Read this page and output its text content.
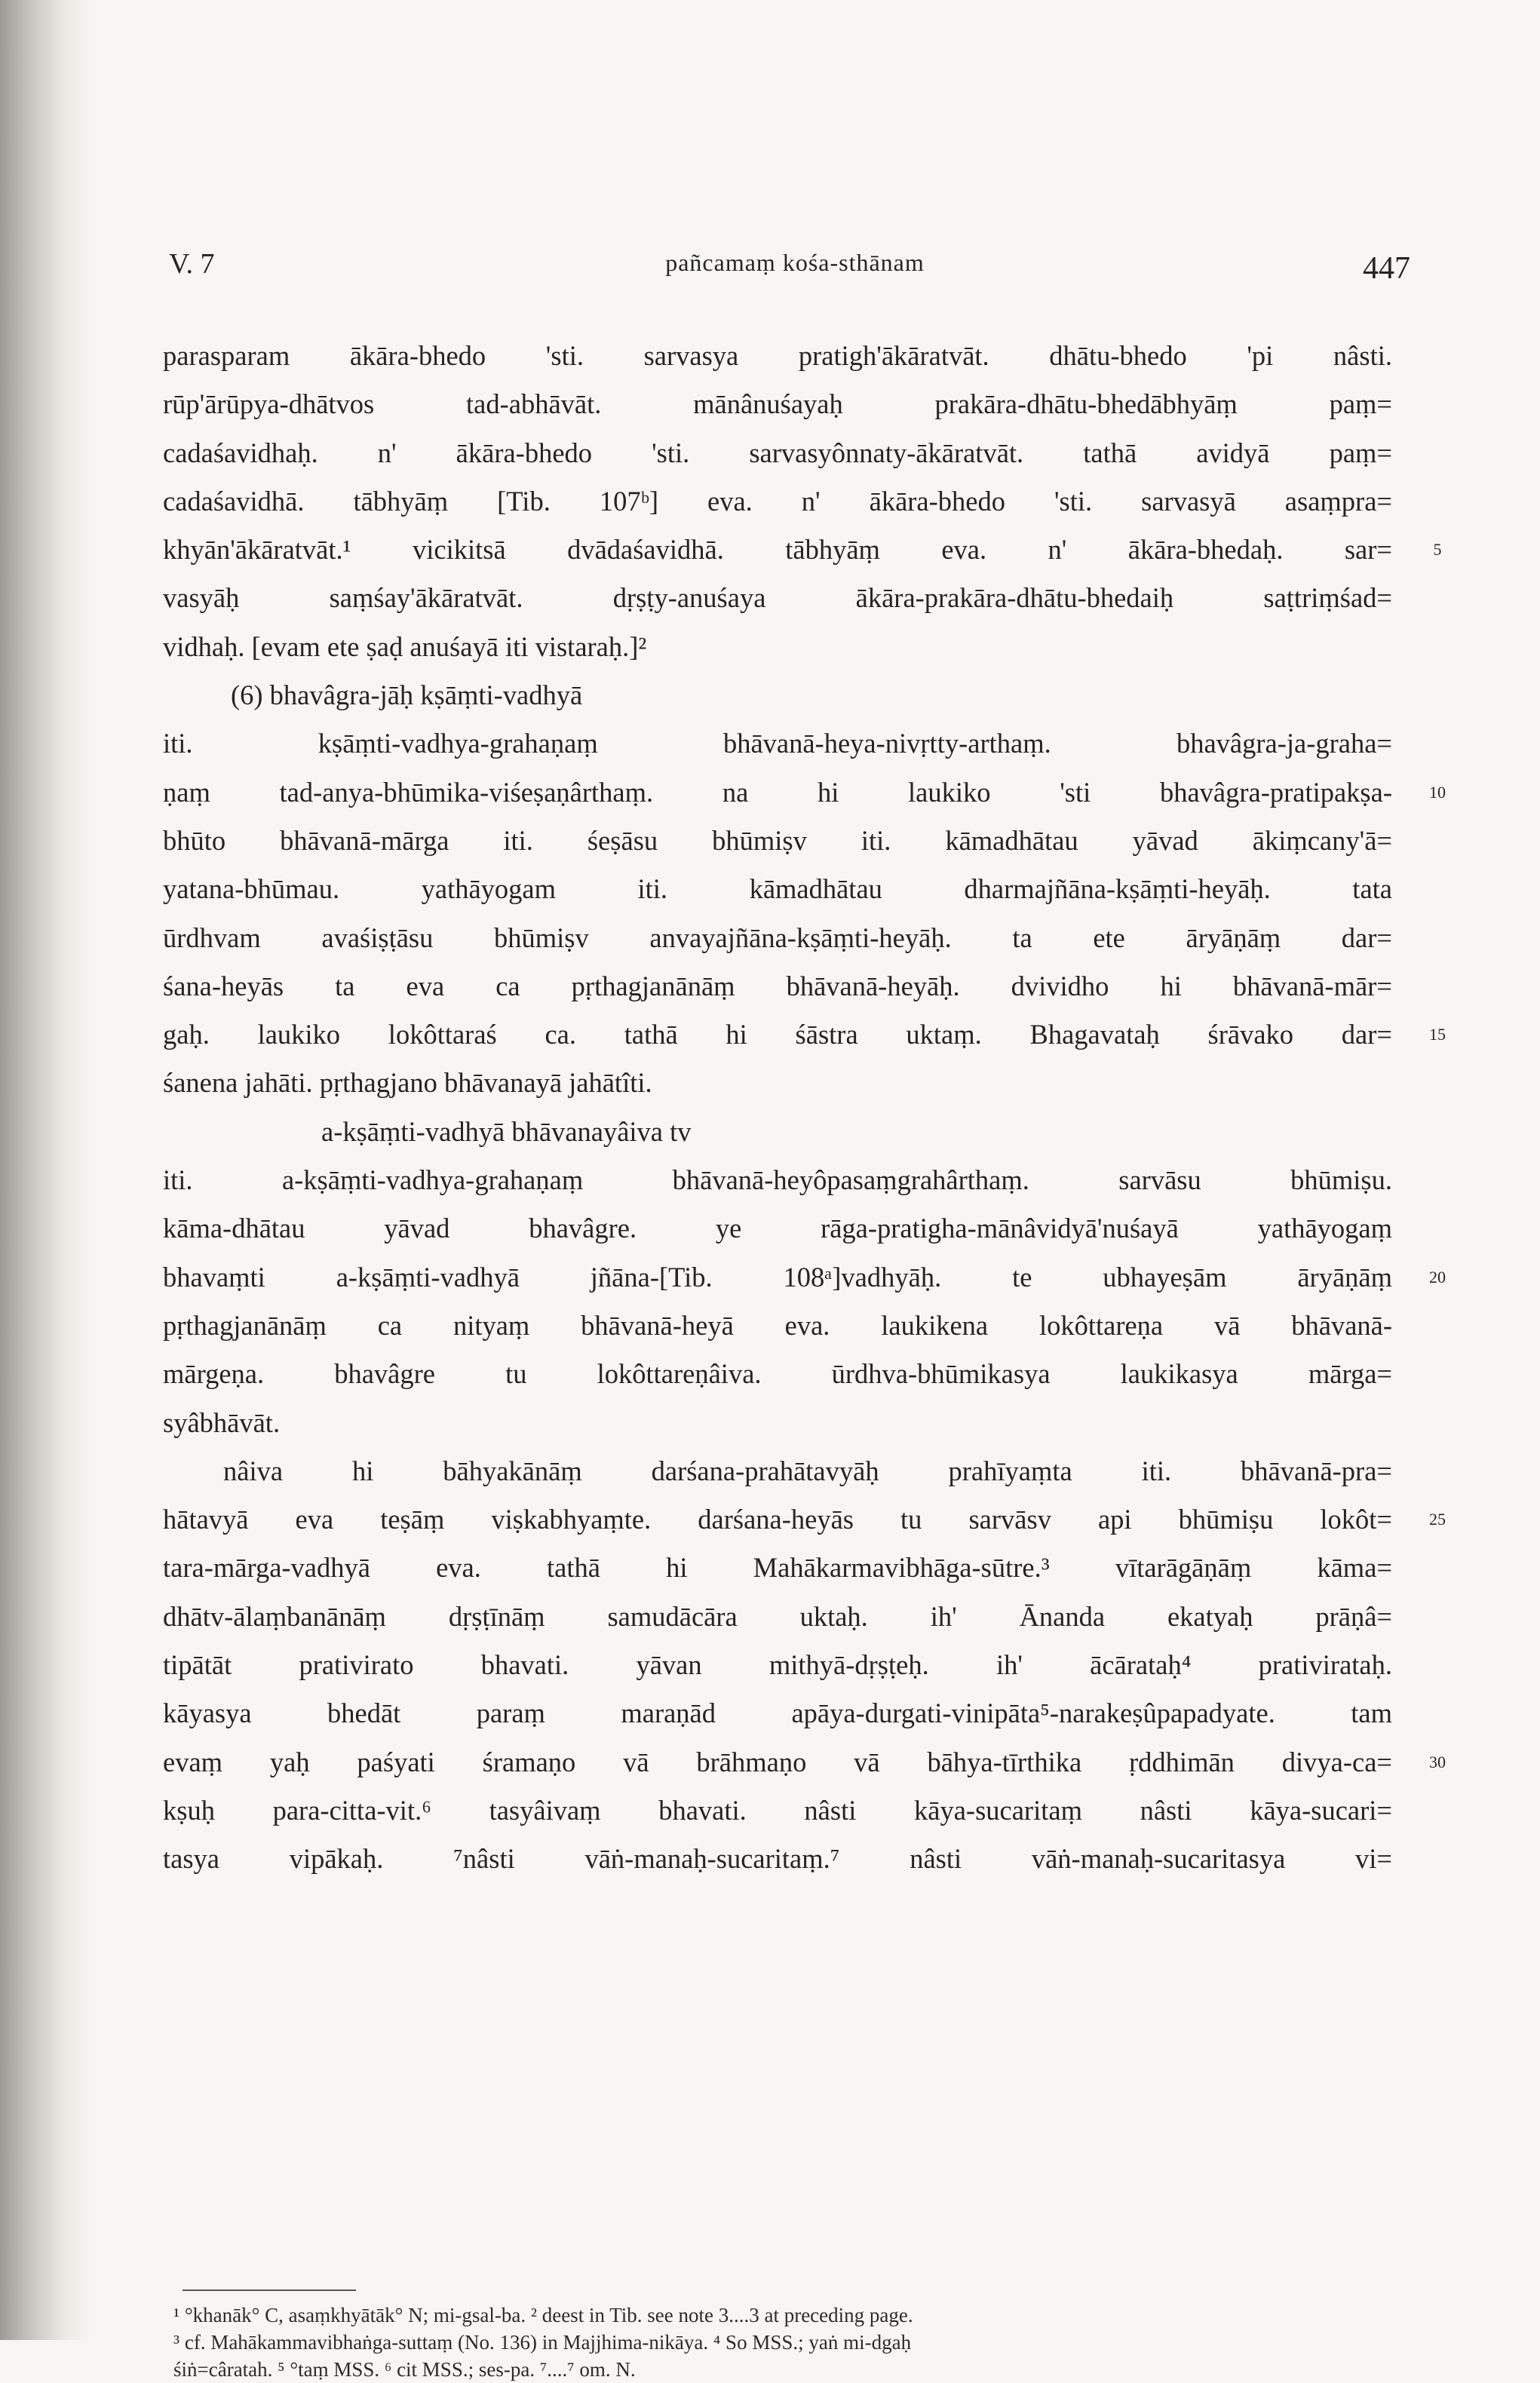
V. 7	pañcamaṃ kośa-sthānam	447
parasparam ākāra-bhedo 'sti. sarvasya pratigh'ākāratvāt. dhātu-bhedo 'pi nâsti.
rūp'ārūpya-dhātvos tad-abhāvāt. mānânuśayaḥ prakāra-dhātu-bhedābhyāṃ paṃ=
cadaśavidhaḥ. n' ākāra-bhedo 'sti. sarvasyônnaty-ākāratvāt. tathā avidyā paṃ=
cadaśavidhā. tābhyāṃ [Tib. 107ᵇ] eva. n' ākāra-bhedo 'sti. sarvasyā asaṃpra=
khyān'ākāratvāt.¹ vicikitsā dvādaśavidhā. tābhyāṃ eva. n' ākāra-bhedaḥ. sar=
vasyāḥ saṃśay'ākāratvāt. dṛṣṭy-anuśaya ākāra-prakāra-dhātu-bhedaiḥ saṭtriṃśad=
vidhaḥ. [evam ete ṣaḍ anuśayā iti vistaraḥ.]²
(6) bhavâgra-jāḥ kṣāṃti-vadhyā
iti. kṣāṃti-vadhya-grahaṇaṃ bhāvanā-heya-nivṛtty-arthaṃ. bhavâgra-ja-graha=
ṇaṃ tad-anya-bhūmika-viśeṣaṇârthaṃ. na hi laukiko 'sti bhavâgra-pratipakṣa-
bhūto bhāvanā-mārga iti. śeṣāsu bhūmiṣv iti. kāmadhātau yāvad ākiṃcany'ā=
yatana-bhūmau. yathāyogam iti. kāmadhātau dharmajñāna-kṣāṃti-heyāḥ. tata
ūrdhvam avaśiṣṭāsu bhūmiṣv anvayajñāna-kṣāṃti-heyāḥ. ta ete āryāṇāṃ dar=
śana-heyās ta eva ca pṛthagjanānāṃ bhāvanā-heyāḥ. dvividho hi bhāvanā-mār=
gaḥ. laukiko lokôttaraś ca. tathā hi śāstra uktaṃ. Bhagavataḥ śrāvako dar=
śanena jahāti. pṛthagjano bhāvanayā jahātîti.
a-kṣāṃti-vadhyā bhāvanayâiva tv
iti. a-kṣāṃti-vadhya-grahaṇaṃ bhāvanā-heyôpasaṃgrahârthaṃ. sarvāsu bhūmiṣu.
kāma-dhātau yāvad bhavâgre. ye rāga-pratigha-mānâvidyā'nuśayā yathāyogaṃ
bhavaṃti a-kṣāṃti-vadhyā jñāna-[Tib. 108ᵃ]vadhyāḥ. te ubhayeṣām āryāṇāṃ
pṛthagjanānāṃ ca nityaṃ bhāvanā-heyā eva. laukikena lokôttareṇa vā bhāvanā-
mārgeṇa. bhavâgre tu lokôttareṇâiva. ūrdhva-bhūmikasya laukikasya mārga=
syâbhāvāt.
nâiva hi bāhyakānāṃ darśana-prahātavyāḥ prahīyaṃta iti. bhāvanā-pra=
hātavyā eva teṣāṃ viṣkabhyaṃte. darśana-heyās tu sarvāsv api bhūmiṣu lokôt=
tara-mārga-vadhyā eva. tathā hi Mahākarmavibhāga-sūtre.³ vītarāgāṇāṃ kāma=
dhātv-ālaṃbanānāṃ dṛṣṭīnāṃ samudācāra uktaḥ. ih' Ānanda ekatyaḥ prāṇâ=
tipātāt prativirato bhavati. yāvan mithyā-dṛṣṭeḥ. ih' ācārataḥ⁴ prativirataḥ.
kāyasya bhedāt paraṃ maraṇād apāya-durgati-vinipāta⁵-narakeṣûpapadyate. tam
evaṃ yaḥ paśyati śramaṇo vā brāhmaṇo vā bāhya-tīrthika ṛddhimān divya-ca=
kṣuḥ para-citta-vit.⁶ tasyâivaṃ bhavati. nâsti kāya-sucaritaṃ nâsti kāya-sucari=
tasya vipākaḥ. ⁷nâsti vāṅ-manaḥ-sucaritaṃ.⁷ nâsti vāṅ-manaḥ-sucaritasya vi=
5
10
15
20
25
30
¹ °khanāk° C, asaṃkhyātāk° N; mi-gsal-ba. ² deest in Tib. see note 3....3 at preceding page.
³ cf. Mahākammavibhaṅga-suttaṃ (No. 136) in Majjhima-nikāya. ⁴ So MSS.; yaṅ mi-dgaḥ
śiṅ=câratah. ⁵ °taṃ MSS. ⁶ cit MSS.; ses-pa. ⁷....⁷ om. N.
